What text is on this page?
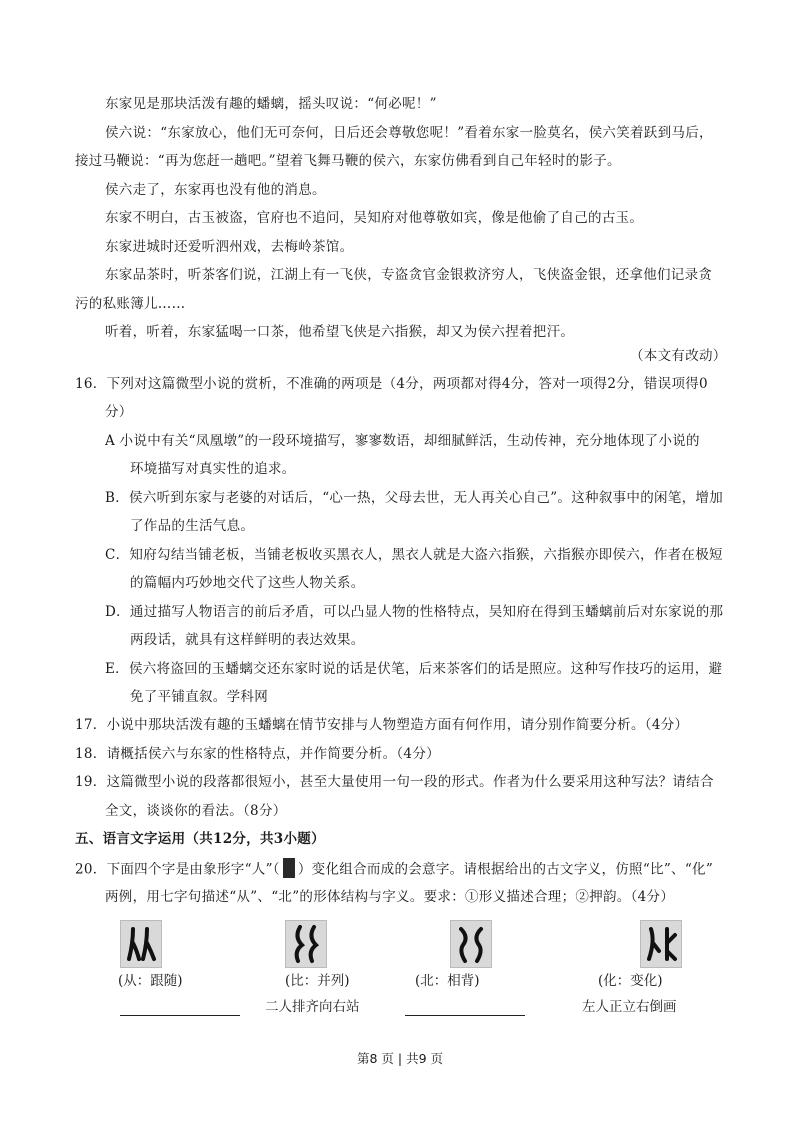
东家见是那块活泼有趣的蟠螭，摇头叹说：“何必呢！”
侯六说：“东家放心，他们无可奈何，日后还会尊敬您呢！”看着东家一脸莫名，侯六笑着跃到马后，
接过马鞭说：“再为您赶一趟吧。”望着飞舞马鞭的侯六，东家仿佛看到自己年轻时的影子。
侯六走了，东家再也没有他的消息。
东家不明白，古玉被盗，官府也不追问，吴知府对他尊敬如宾，像是他偷了自己的古玉。
东家进城时还爱听泗州戏，去梅岭茶馆。
东家品茶时，听茶客们说，江湖上有一飞侠，专盗贪官金银救济穷人，飞侠盗金银，还拿他们记录贪
污的私账簿儿……
听着，听着，东家猛喝一口茶，他希望飞侠是六指猴，却又为侯六捏着把汗。
（本文有改动）
16．下列对这篇微型小说的赏析，不准确的两项是（4分，两项都对得4分，答对一项得2分，错误项得0
分）
A 小说中有关“凤凰墩”的一段环境描写，寥寥数语，却细腻鲜活，生动传神，充分地体现了小说的
环境描写对真实性的追求。
B．侯六听到东家与老婆的对话后，“心一热，父母去世，无人再关心自己”。这种叙事中的闲笔，增加
了作品的生活气息。
C．知府勾结当铺老板，当铺老板收买黑衣人，黑衣人就是大盗六指猴，六指猴亦即侯六，作者在极短
的篇幅内巧妙地交代了这些人物关系。
D．通过描写人物语言的前后矛盾，可以凸显人物的性格特点，吴知府在得到玉蟠螭前后对东家说的那
两段话，就具有这样鲜明的表达效果。
E．侯六将盗回的玉蟠螭交还东家时说的话是伏笔，后来茶客们的话是照应。这种写作技巧的运用，避
免了平铺直叙。学科网
17．小说中那块活泼有趣的玉蟠螭在情节安排与人物塑造方面有何作用，请分别作简要分析。（4分）
18．请概括侯六与东家的性格特点，并作简要分析。（4分）
19．这篇微型小说的段落都很短小，甚至大量使用一句一段的形式。作者为什么要采用这种写法？请结合
全文，谈谈你的看法。（8分）
五、语言文字运用（共12分，共3小题）
20．下面四个字是由象形字“人”（ ）变化组合而成的会意字。请根据给出的古文字义，仿照“比”、“化”
两例，用七字句描述“从”、“北”的形体结构与字义。要求：①形义描述合理；②押韵。（4分）
(从：跟随)	(比：并列)	(北：相背)	(化：变化)
二人排齐向右站	左人正立右倒画
第8 页 | 共9 页
